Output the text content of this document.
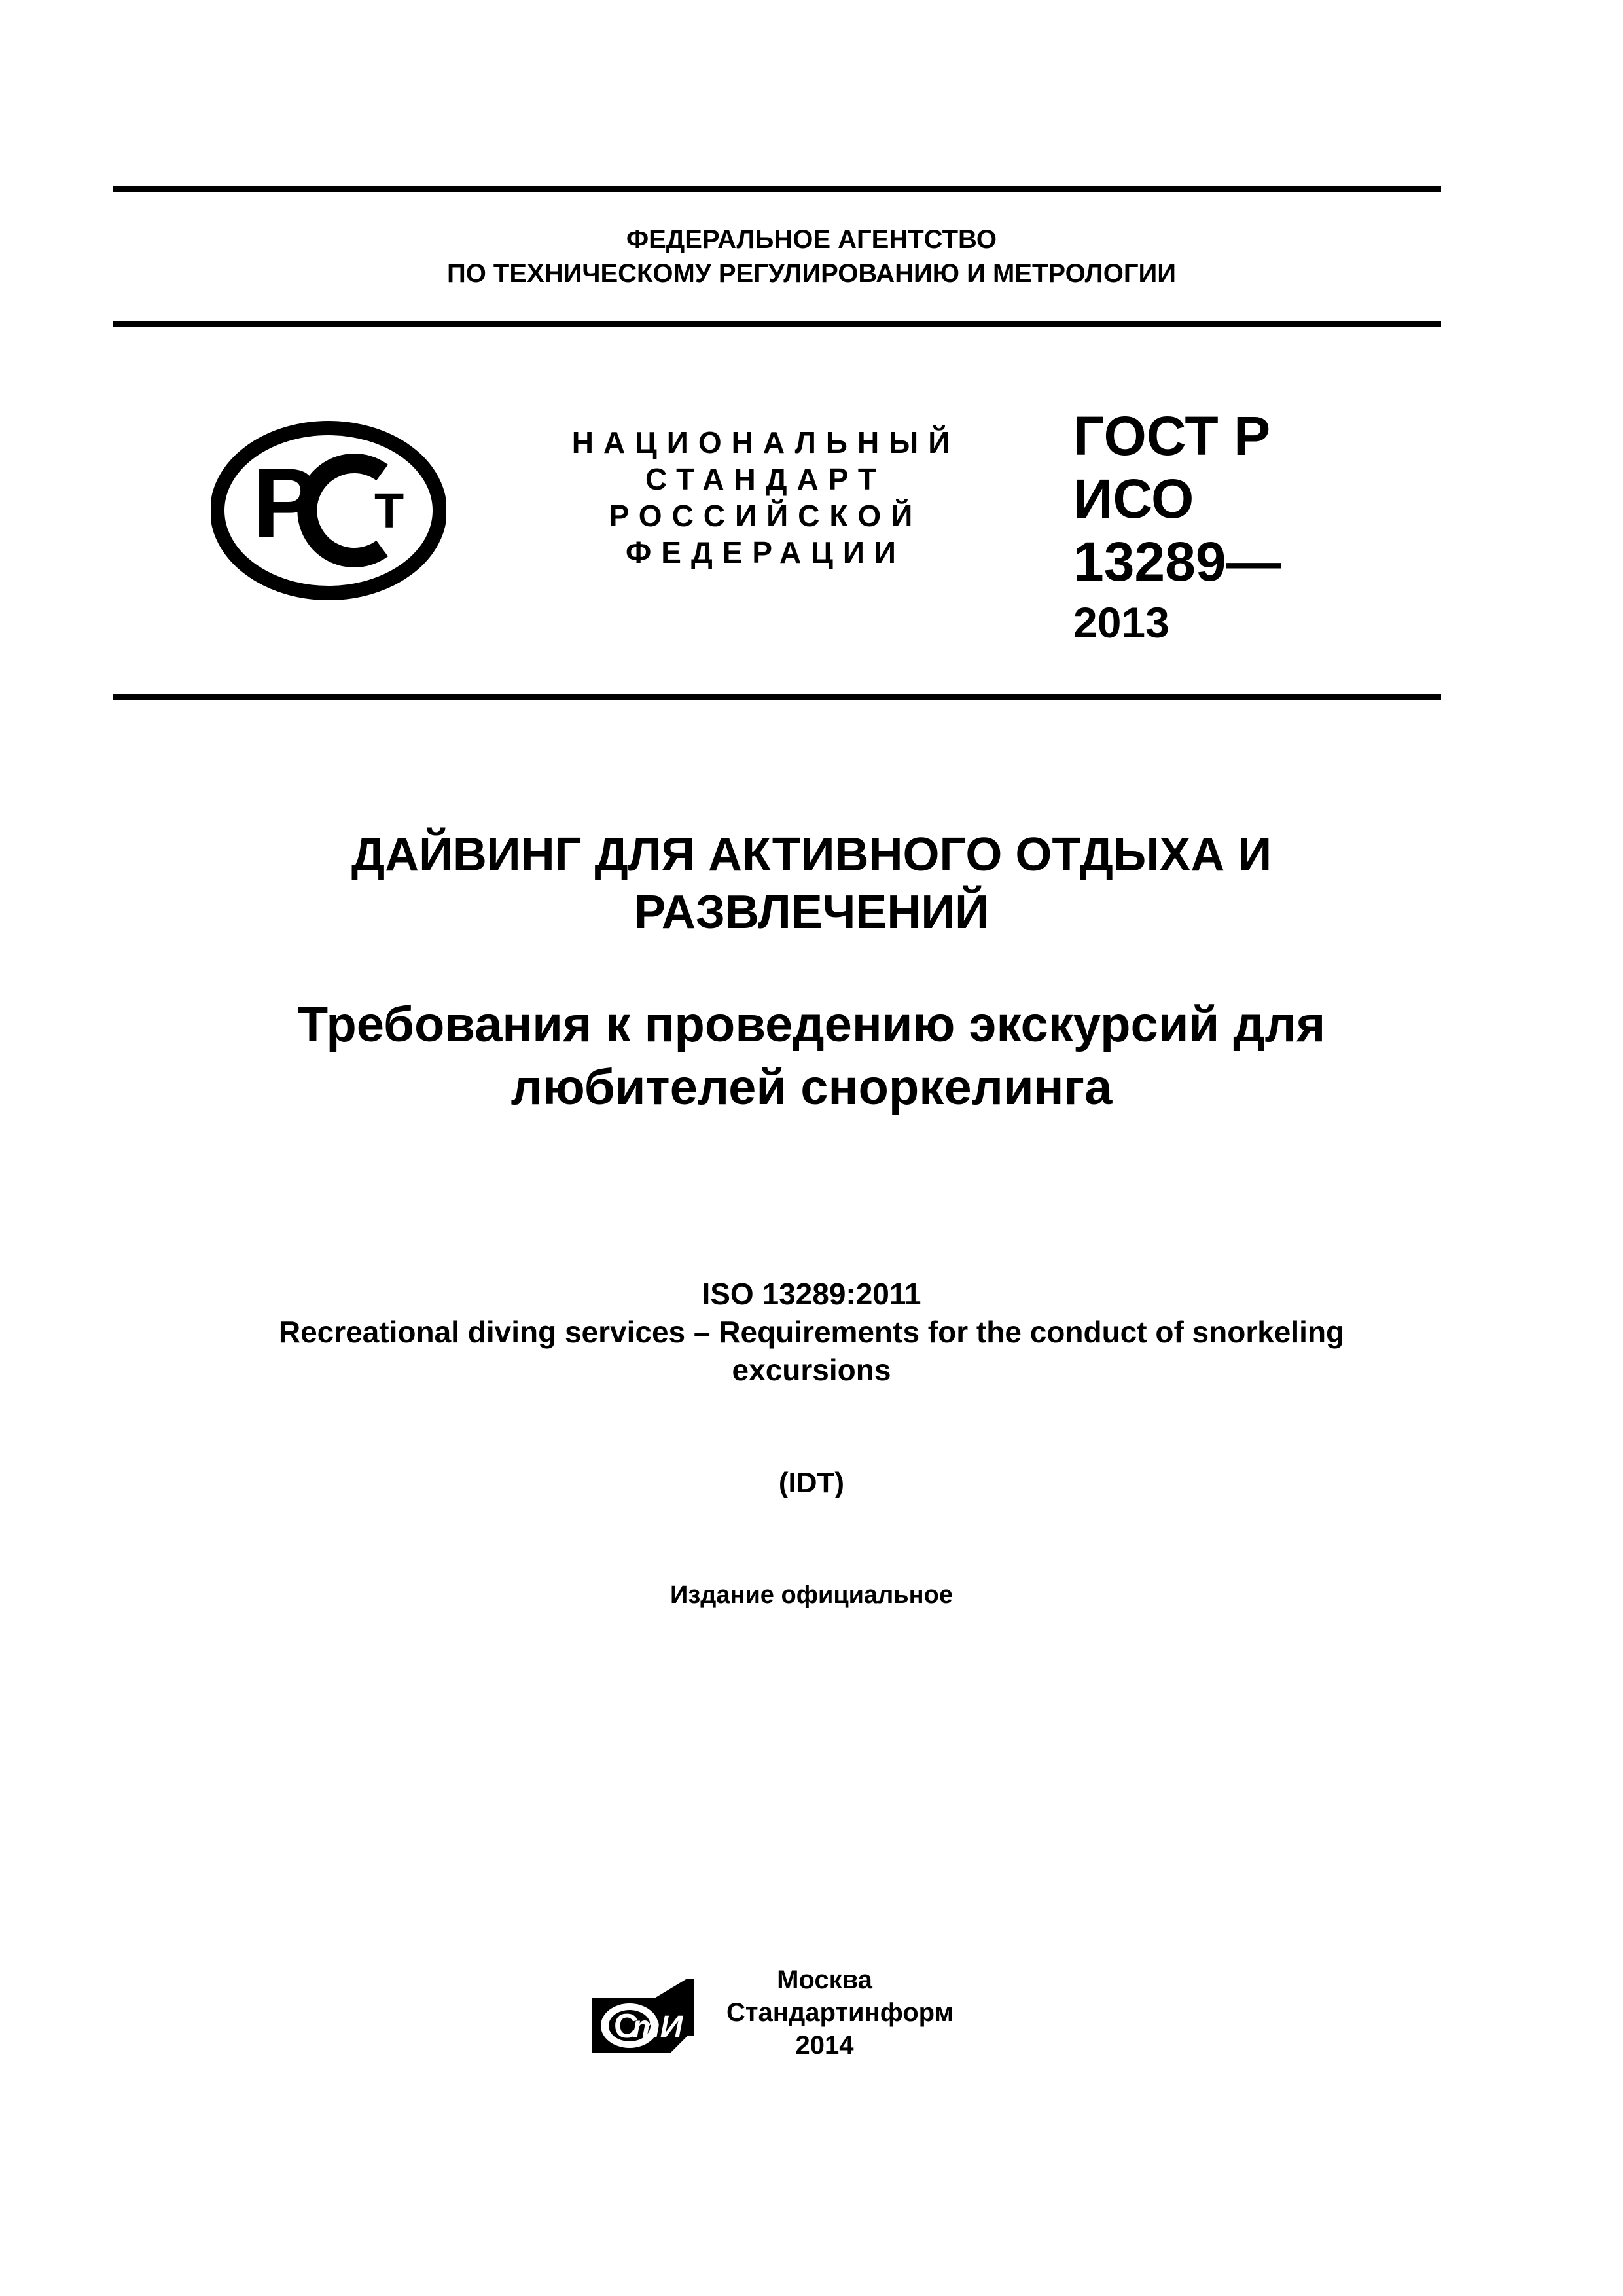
ФЕДЕРАЛЬНОЕ АГЕНТСТВО
ПО ТЕХНИЧЕСКОМУ РЕГУЛИРОВАНИЮ И МЕТРОЛОГИИ
P T
НАЦИОНАЛЬНЫЙ
СТАНДАРТ
РОССИЙСКОЙ
ФЕДЕРАЦИИ
ГОСТ Р
ИСО
13289—
2013
ДАЙВИНГ ДЛЯ АКТИВНОГО ОТДЫХА И
РАЗВЛЕЧЕНИЙ
Требования к проведению экскурсий для
любителей сноркелинга
ISO 13289:2011
Recreational diving services – Requirements for the conduct of snorkeling
excursions
(IDT)
Издание официальное
С
тИ
Москва
Стандартинформ
2014
